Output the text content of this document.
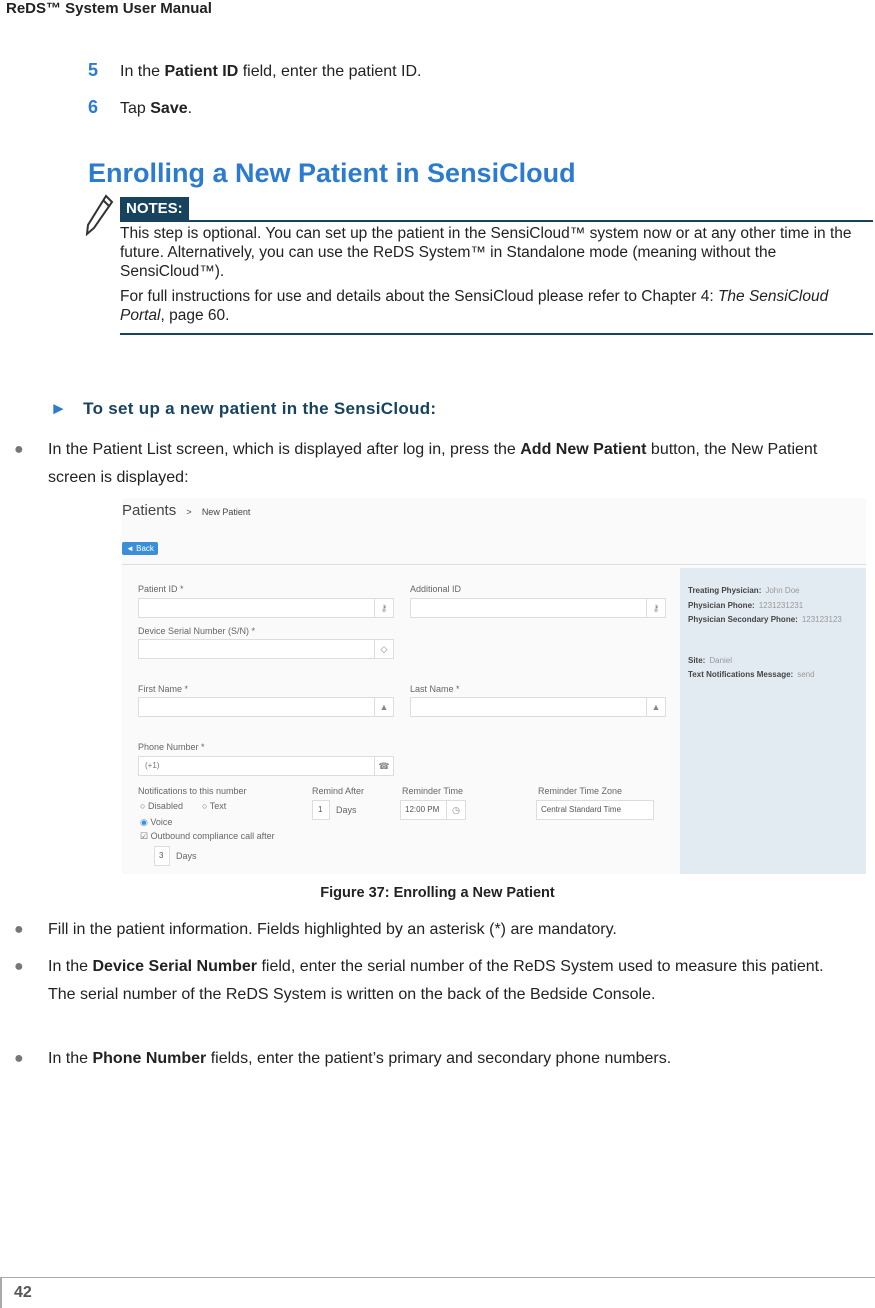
ReDS™ System User Manual
5 In the Patient ID field, enter the patient ID.
6 Tap Save.
Enrolling a New Patient in SensiCloud
NOTES:

This step is optional. You can set up the patient in the SensiCloud™ system now or at any other time in the future. Alternatively, you can use the ReDS System™ in Standalone mode (meaning without the SensiCloud™).

For full instructions for use and details about the SensiCloud please refer to Chapter 4: The SensiCloud Portal, page 60.

► To set up a new patient in the SensiCloud:
● In the Patient List screen, which is displayed after log in, press the Add New Patient button, the New Patient screen is displayed:
Patients > New Patient
◄ Back
Patient ID *
⚷
Additional ID
⚷
Device Serial Number (S/N) *
◇
First Name *
▲
Last Name *
▲
Phone Number *
(+1)	☎
Notifications to this number
○ Disabled ○ Text
◉ Voice
☑ Outbound compliance call after
3 Days
Remind After
1 Days
Reminder Time
12:00 PM	◷
Reminder Time Zone
Central Standard Time
Treating Physician: John Doe
Physician Phone: 1231231231
Physician Secondary Phone: 123123123
Site: Daniel
Text Notifications Message: send
Figure 37: Enrolling a New Patient
● Fill in the patient information. Fields highlighted by an asterisk (*) are mandatory.
● In the Device Serial Number field, enter the serial number of the ReDS System used to measure this patient. The serial number of the ReDS System is written on the back of the Bedside Console.
● In the Phone Number fields, enter the patient’s primary and secondary phone numbers.
42
